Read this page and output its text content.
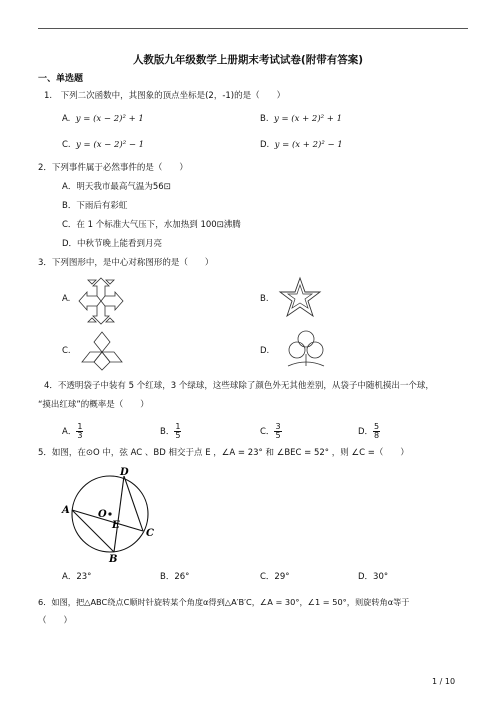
人教版九年级数学上册期末考试试卷(附带有答案)
一、单选题
1.　下列二次函数中，其图象的顶点坐标是(2，-1)的是（　　）
A. y = (x − 2)² + 1	B. y = (x + 2)² + 1
C. y = (x − 2)² − 1	D. y = (x + 2)² − 1
2．下列事件属于必然事件的是（　　）
A．明天我市最高气温为56⊡
B．下雨后有彩虹
C．在 1 个标准大气压下，水加热到 100⊡沸腾
D．中秋节晚上能看到月亮
3．下列图形中，是中心对称图形的是（　　）
A.	B.
C.	D.
4．不透明袋子中装有 5 个红球，3 个绿球，这些球除了颜色外无其他差别，从袋子中随机摸出一个球，
“摸出红球”的概率是（　　）
A． $\frac{1}{3}$	B． $\frac{1}{5}$	C． $\frac{3}{5}$	D． $\frac{5}{8}$
5．如图，在⊙O 中，弦 AC 、BD 相交于点 E ，∠A = 23° 和 ∠BEC = 52° ，则 ∠C =（　　）
A
B
C
D
E
O
A．23°	B．26°	C．29°	D．30°
6．如图，把△ABC绕点C顺时针旋转某个角度α得到△A′B′C，∠A = 30°，∠1 = 50°，则旋转角α等于
（　　）
1 / 10
